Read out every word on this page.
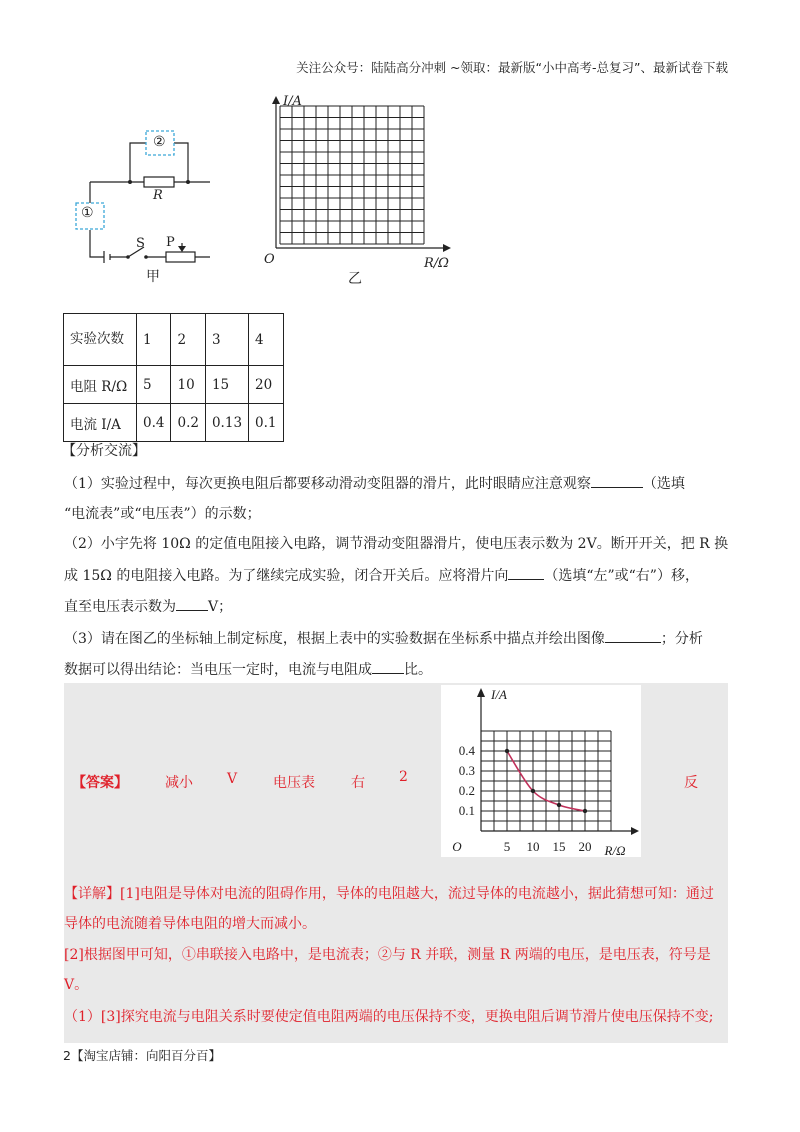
关注公众号：陆陆高分冲刺 ~领取：最新版“小中高考-总复习”、最新试卷下载
②
①
R
S P
甲
I/A
R/Ω
O
乙
实验次数	1	2	3	4
电阻 R/Ω	5	10	15	20
电流 I/A	0.4	0.2	0.13	0.1
【分析交流】
（1）实验过程中，每次更换电阻后都要移动滑动变阻器的滑片，此时眼睛应注意观察	（选填
“电流表”或“电压表”）的示数；
（2）小宇先将 10Ω 的定值电阻接入电路，调节滑动变阻器滑片，使电压表示数为 2V。断开开关，把 R 换
成 15Ω 的电阻接入电路。为了继续完成实验，闭合开关后。应将滑片向	（选填“左”或“右”）移，
直至电压表示数为 V；
（3）请在图乙的坐标轴上制定标度，根据上表中的实验数据在坐标系中描点并绘出图像	；分析
数据可以得出结论：当电压一定时，电流与电阻成 比。
【答案】	减小 V	电压表	右 2	反
5 10 15 20
0.1
0.2
0.3
0.4
O
I/A
R/Ω
【详解】[1]电阻是导体对电流的阻碍作用，导体的电阻越大，流过导体的电流越小，据此猜想可知：通过
导体的电流随着导体电阻的增大而减小。
[2]根据图甲可知，①串联接入电路中，是电流表；②与 R 并联，测量 R 两端的电压，是电压表，符号是
V。
（1）[3]探究电流与电阻关系时要使定值电阻两端的电压保持不变，更换电阻后调节滑片使电压保持不变;
2【淘宝店铺：向阳百分百】
